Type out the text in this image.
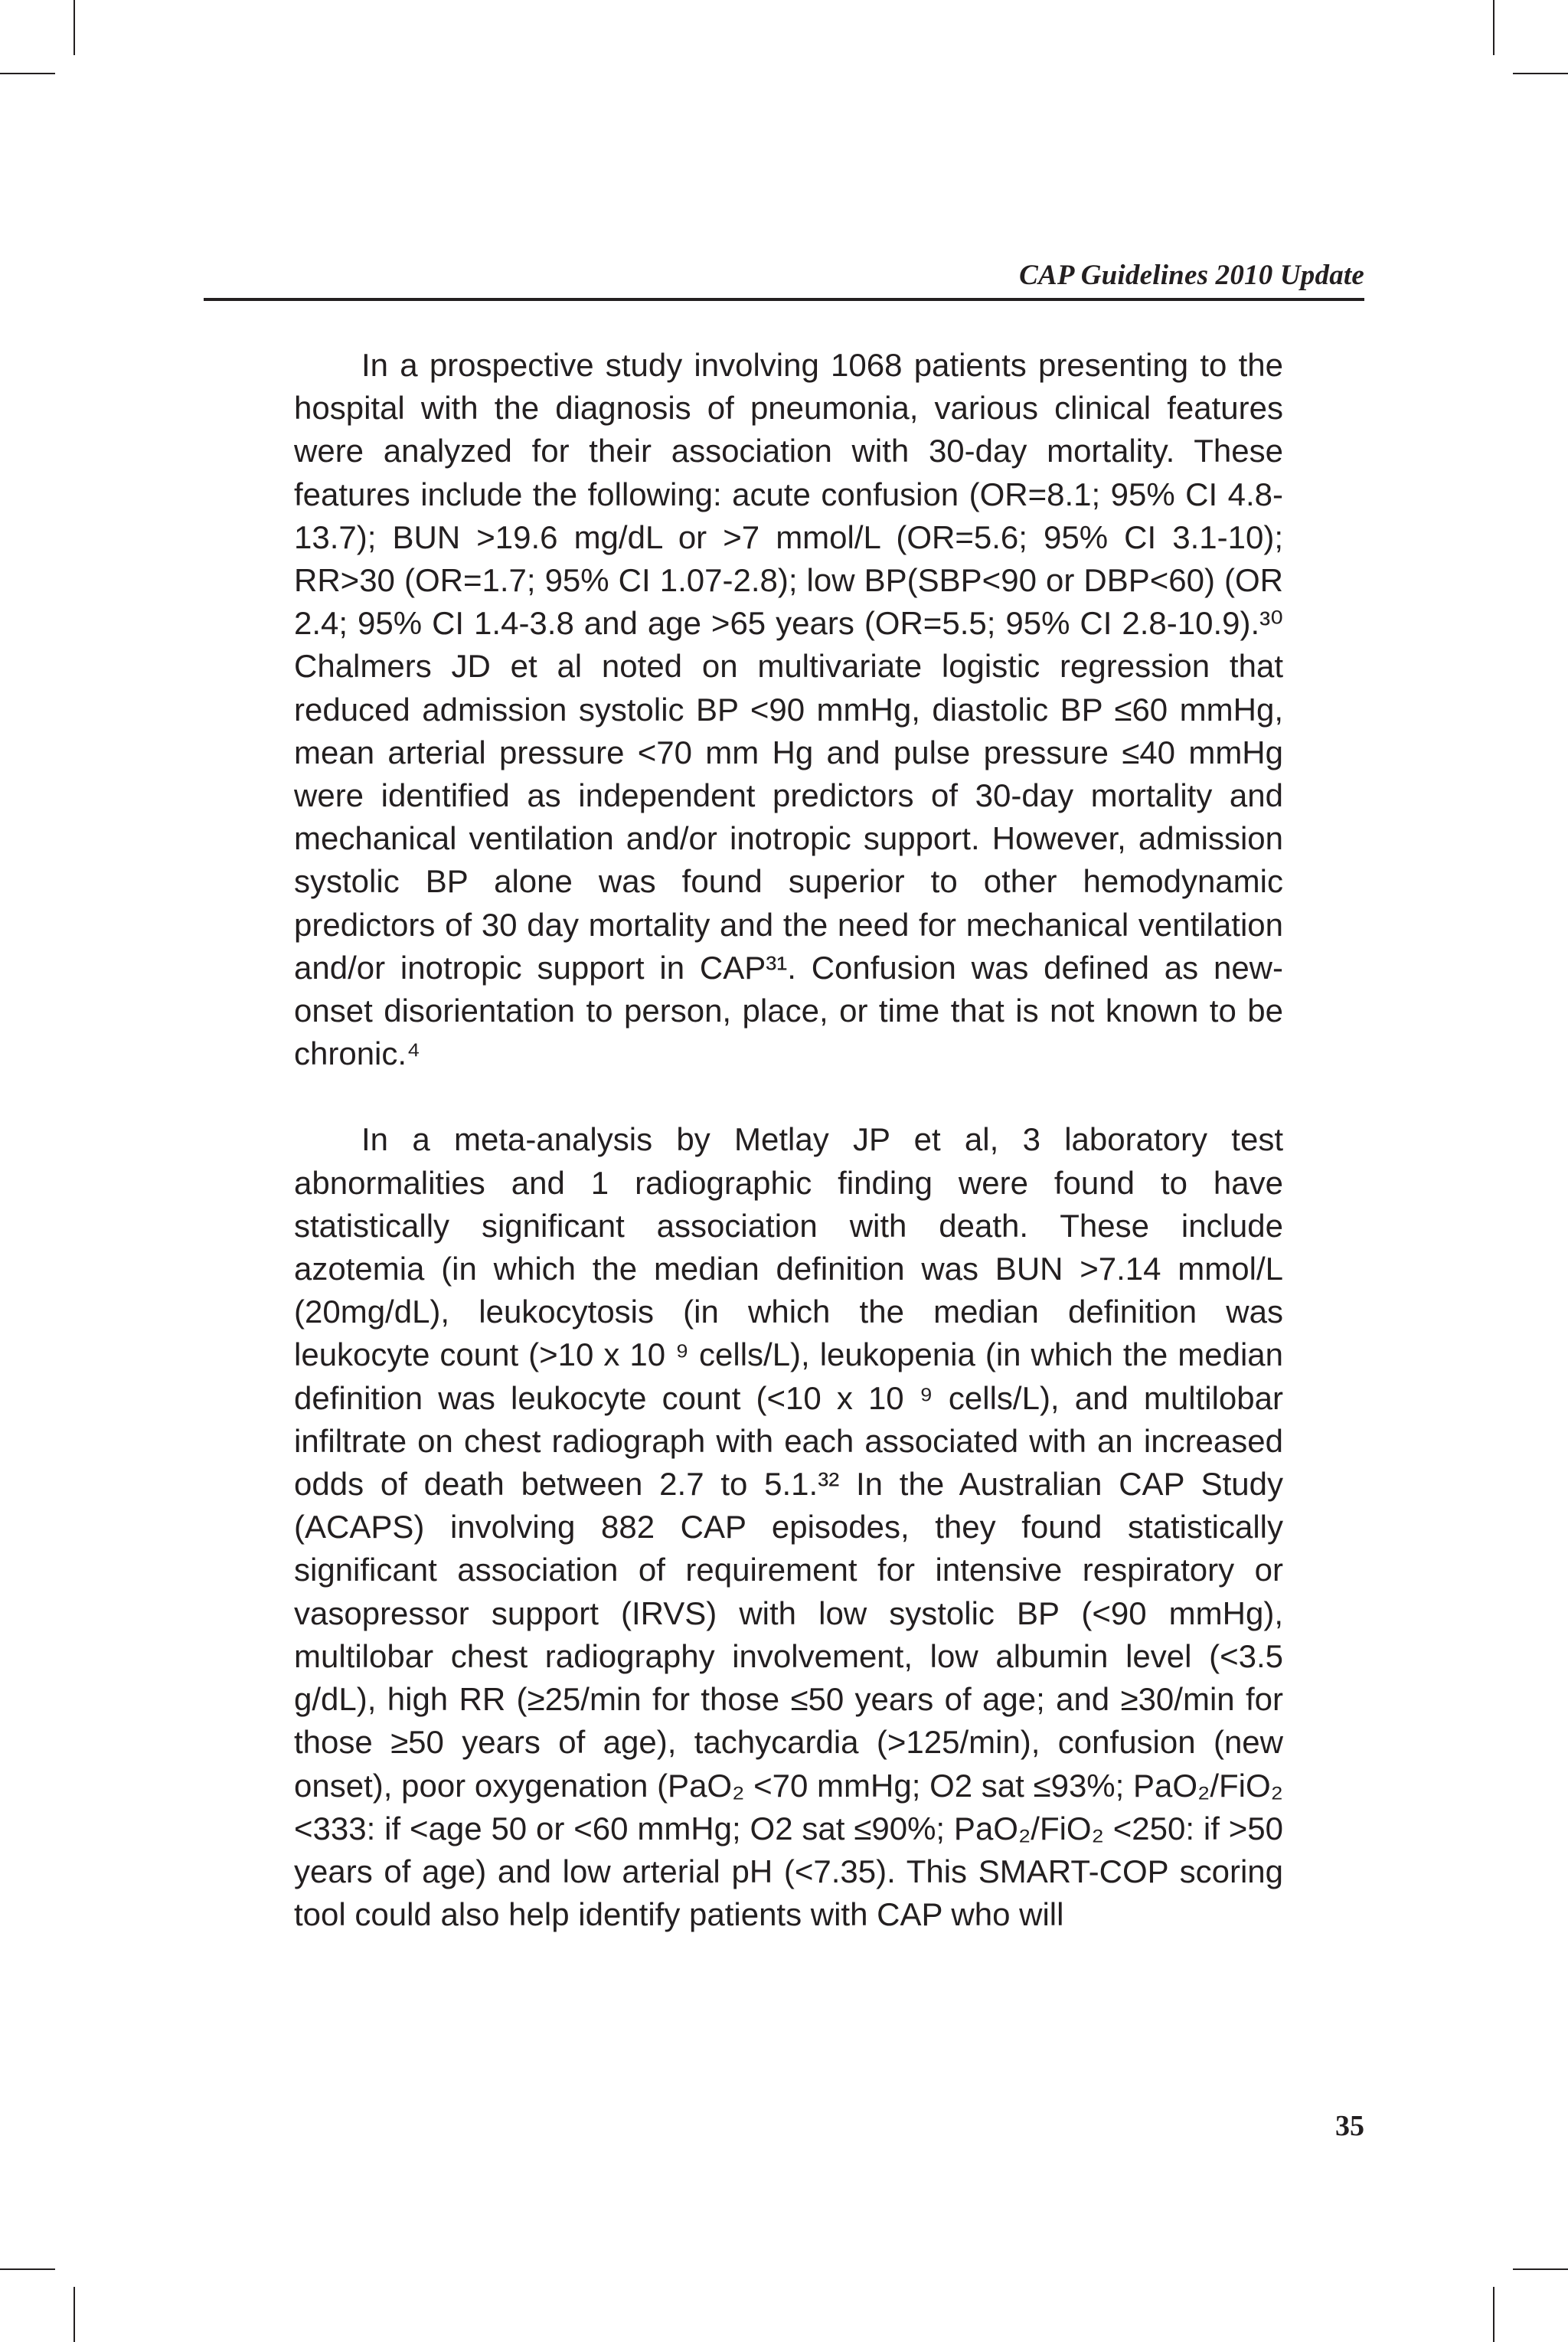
CAP Guidelines 2010 Update

In a prospective study involving 1068 patients presenting to the hospital with the diagnosis of pneumonia, various clinical features were analyzed for their association with 30-day mortality. These features include the following: acute confusion (OR=8.1; 95% CI 4.8-13.7); BUN >19.6 mg/dL or >7 mmol/L (OR=5.6; 95% CI 3.1-10); RR>30 (OR=1.7; 95% CI 1.07-2.8); low BP(SBP<90 or DBP<60) (OR 2.4; 95% CI 1.4-3.8 and age >65 years (OR=5.5; 95% CI 2.8-10.9).³⁰ Chalmers JD et al noted on multivariate logistic regression that reduced admission systolic BP <90 mmHg, diastolic BP ≤60 mmHg, mean arterial pressure <70 mm Hg and pulse pressure ≤40 mmHg were identified as independent predictors of 30-day mortality and mechanical ventilation and/or inotropic support. However, admission systolic BP alone was found superior to other hemodynamic predictors of 30 day mortality and the need for mechanical ventilation and/or inotropic support in CAP³¹. Confusion was defined as new-onset disorientation to person, place, or time that is not known to be chronic.⁴

In a meta-analysis by Metlay JP et al, 3 laboratory test abnormalities and 1 radiographic finding were found to have statistically significant association with death. These include azotemia (in which the median definition was BUN >7.14 mmol/L (20mg/dL), leukocytosis (in which the median definition was leukocyte count (>10 x 10 ⁹ cells/L), leukopenia (in which the median definition was leukocyte count (<10 x 10 ⁹ cells/L), and multilobar infiltrate on chest radiograph with each associated with an increased odds of death between 2.7 to 5.1.³² In the Australian CAP Study (ACAPS) involving 882 CAP episodes, they found statistically significant association of requirement for intensive respiratory or vasopressor support (IRVS) with low systolic BP (<90 mmHg), multilobar chest radiography involvement, low albumin level (<3.5 g/dL), high RR (≥25/min for those ≤50 years of age; and ≥30/min for those ≥50 years of age), tachycardia (>125/min), confusion (new onset), poor oxygenation (PaO₂ <70 mmHg; O2 sat ≤93%; PaO₂/FiO₂ <333: if <age 50 or <60 mmHg; O2 sat ≤90%; PaO₂/FiO₂ <250: if >50 years of age) and low arterial pH (<7.35). This SMART-COP scoring tool could also help identify patients with CAP who will

35
